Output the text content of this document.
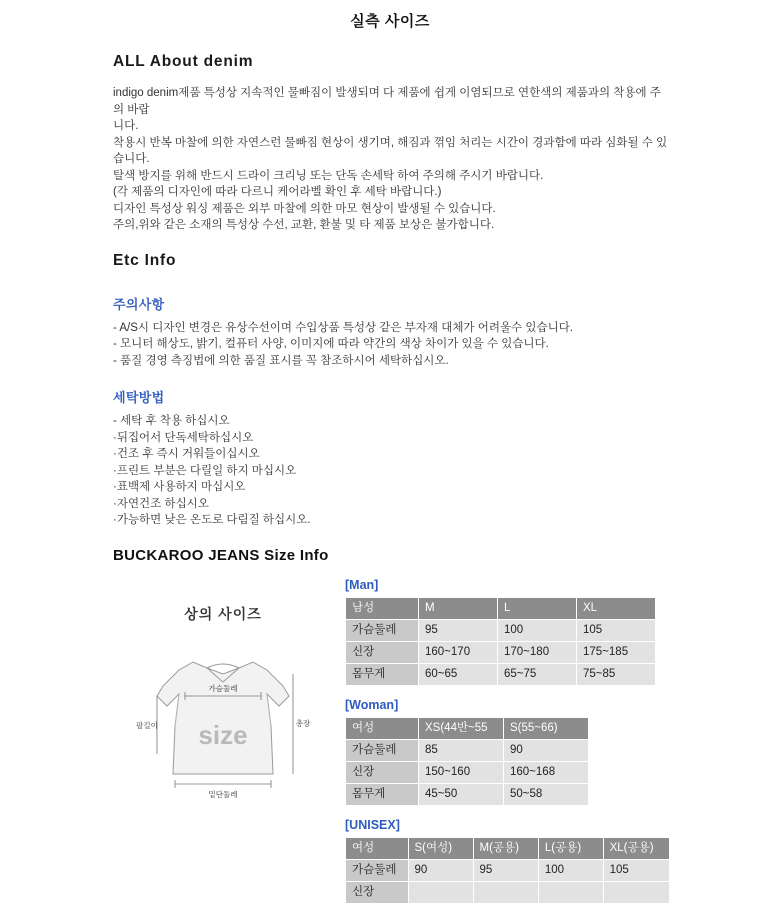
실측 사이즈
ALL About denim
indigo denim제품 특성상 지속적인 물빠짐이 발생되며 다 제품에 쉽게 이염되므로 연한색의 제품과의 착용에 주의 바랍
니다.
착용시 반복 마찰에 의한 자연스런 물빠짐 현상이 생기며, 해짐과 꺾임 처리는 시간이 경과함에 따라 심화될 수 있습니다.
탈색 방지를 위해 반드시 드라이 크리닝 또는 단독 손세탁 하여 주의해 주시기 바랍니다.
(각 제품의 디자인에 따라 다르니 케어라벨 확인 후 세탁 바랍니다.)
디자인 특성상 워싱 제품은 외부 마찰에 의한 마모 현상이 발생될 수 있습니다.
주의,위와 같은 소재의 특성상 수선, 교환, 환불 및 타 제품 보상은 불가합니다.
Etc Info
주의사항
- A/S시 디자인 변경은 유상수선이며 수입상품 특성상 같은 부자재 대체가 어려울수 있습니다.
- 모니터 해상도, 밝기, 컬퓨터 사양, 이미지에 따라 약간의 색상 차이가 있을 수 있습니다.
- 품질 경영 측징법에 의한 품질 표시를 꼭 참조하시어 세탁하십시오.
세탁방법
- 세탁 후 착용 하십시오
·뒤집어서 단독세탁하십시오
·건조 후 즉시 거워들이십시오
·프린트 부분은 다릴일 하지 마십시오
·표백제 사용하지 마십시오
·자연건조 하십시오
·가능하면 낮은 온도로 다림질 하십시오.
BUCKAROO JEANS Size Info
상의 사이즈
size
가슴둘레
밑단둘레
팔길이	총장
[Man]
남성	M	L	XL
가슴둘레	95	100	105
신장	160~170	170~180	175~185
몸무게	60~65	65~75	75~85
[Woman]
여성	XS(44반~55	S(55~66)
가슴둘레	85	90
신장	150~160	160~168
몸무게	45~50	50~58
[UNISEX]
여성	S(여성)	M(공용)	L(공용)	XL(공용)
가슴둘레	90	95	100	105
신장				
